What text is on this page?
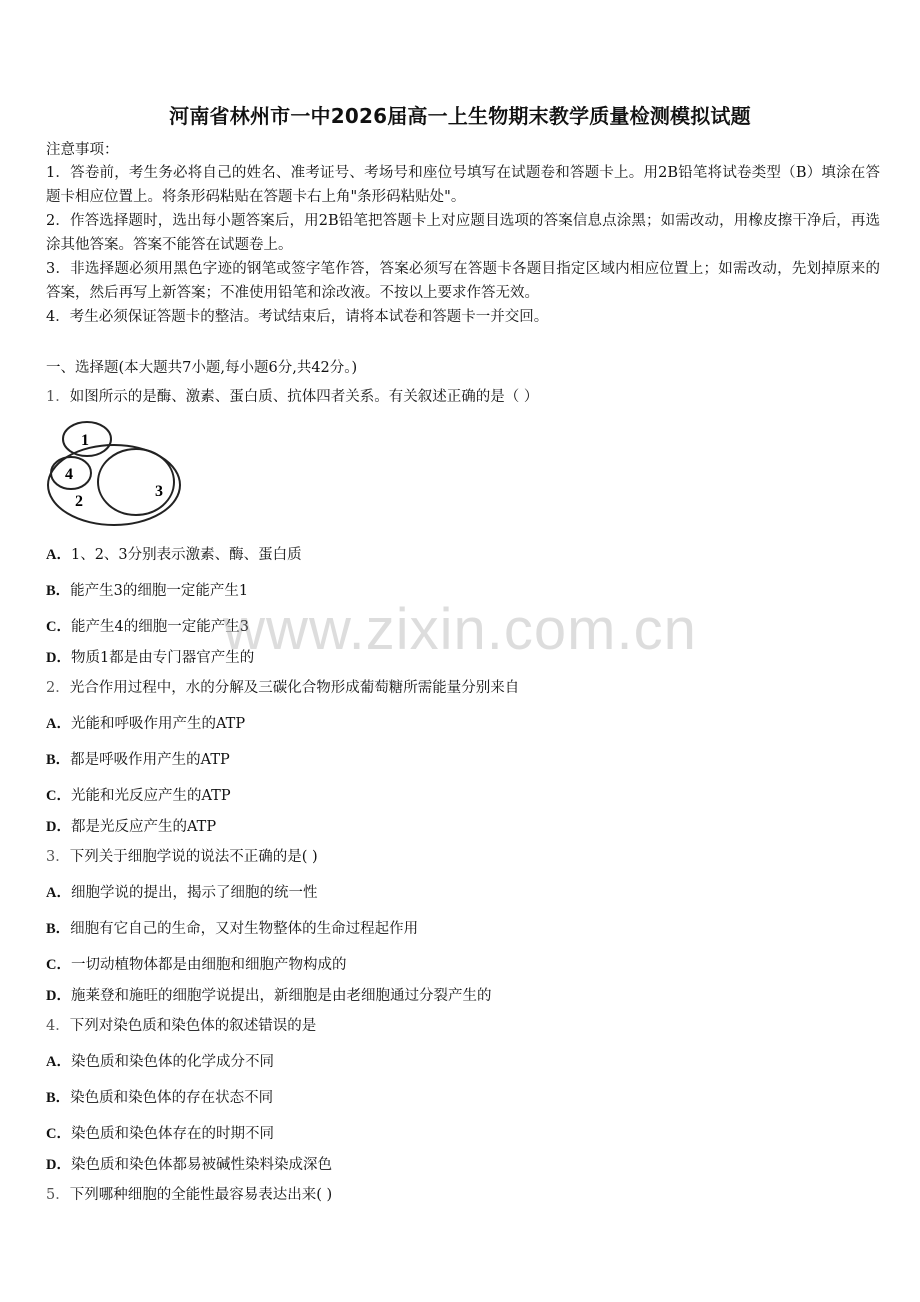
河南省林州市一中2026届高一上生物期末教学质量检测模拟试题
注意事项：
1．答卷前，考生务必将自己的姓名、准考证号、考场号和座位号填写在试题卷和答题卡上。用2B铅笔将试卷类型（B）填涂在答题卡相应位置上。将条形码粘贴在答题卡右上角"条形码粘贴处"。
2．作答选择题时，选出每小题答案后，用2B铅笔把答题卡上对应题目选项的答案信息点涂黑；如需改动，用橡皮擦干净后，再选涂其他答案。答案不能答在试题卷上。
3．非选择题必须用黑色字迹的钢笔或签字笔作答，答案必须写在答题卡各题目指定区域内相应位置上；如需改动，先划掉原来的答案，然后再写上新答案；不准使用铅笔和涂改液。不按以上要求作答无效。
4．考生必须保证答题卡的整洁。考试结束后，请将本试卷和答题卡一并交回。
一、选择题(本大题共7小题,每小题6分,共42分。)
1．如图所示的是酶、激素、蛋白质、抗体四者关系。有关叙述正确的是（ ）
1
4
2
3
A．1、2、3分别表示激素、酶、蛋白质
B．能产生3的细胞一定能产生1
C．能产生4的细胞一定能产生3
D．物质1都是由专门器官产生的
2．光合作用过程中，水的分解及三碳化合物形成葡萄糖所需能量分别来自
A．光能和呼吸作用产生的ATP
B．都是呼吸作用产生的ATP
C．光能和光反应产生的ATP
D．都是光反应产生的ATP
3．下列关于细胞学说的说法不正确的是( )
A．细胞学说的提出，揭示了细胞的统一性
B．细胞有它自己的生命，又对生物整体的生命过程起作用
C．一切动植物体都是由细胞和细胞产物构成的
D．施莱登和施旺的细胞学说提出，新细胞是由老细胞通过分裂产生的
4．下列对染色质和染色体的叙述错误的是
A．染色质和染色体的化学成分不同
B．染色质和染色体的存在状态不同
C．染色质和染色体存在的时期不同
D．染色质和染色体都易被碱性染料染成深色
5．下列哪种细胞的全能性最容易表达出来( )
www.zixin.com.cn
